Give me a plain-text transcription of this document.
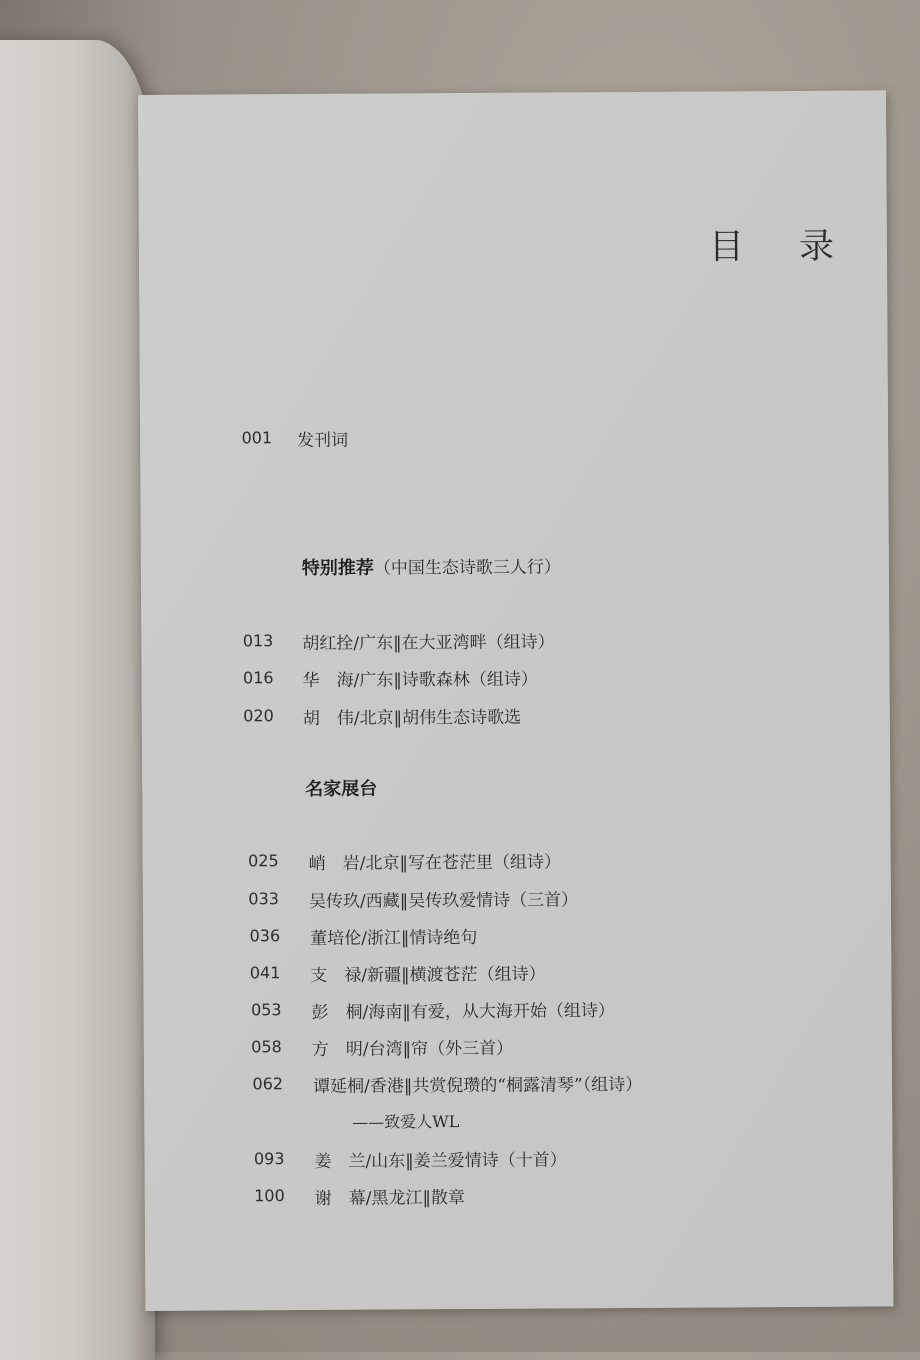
目 录
001 发刊词
特别推荐（中国生态诗歌三人行）
013 胡红拴/广东‖在大亚湾畔（组诗）
016 华　海/广东‖诗歌森林（组诗）
020 胡　伟/北京‖胡伟生态诗歌选
名家展台
025 峭　岩/北京‖写在苍茫里（组诗）
033 吴传玖/西藏‖吴传玖爱情诗（三首）
036 董培伦/浙江‖情诗绝句
041 支　禄/新疆‖横渡苍茫（组诗）
053 彭　桐/海南‖有爱，从大海开始（组诗）
058 方　明/台湾‖帘（外三首）
062 谭延桐/香港‖共赏倪瓒的“桐露清琴”（组诗）
——致爱人WL
093 姜　兰/山东‖姜兰爱情诗（十首）
100 谢　幕/黑龙江‖散章
